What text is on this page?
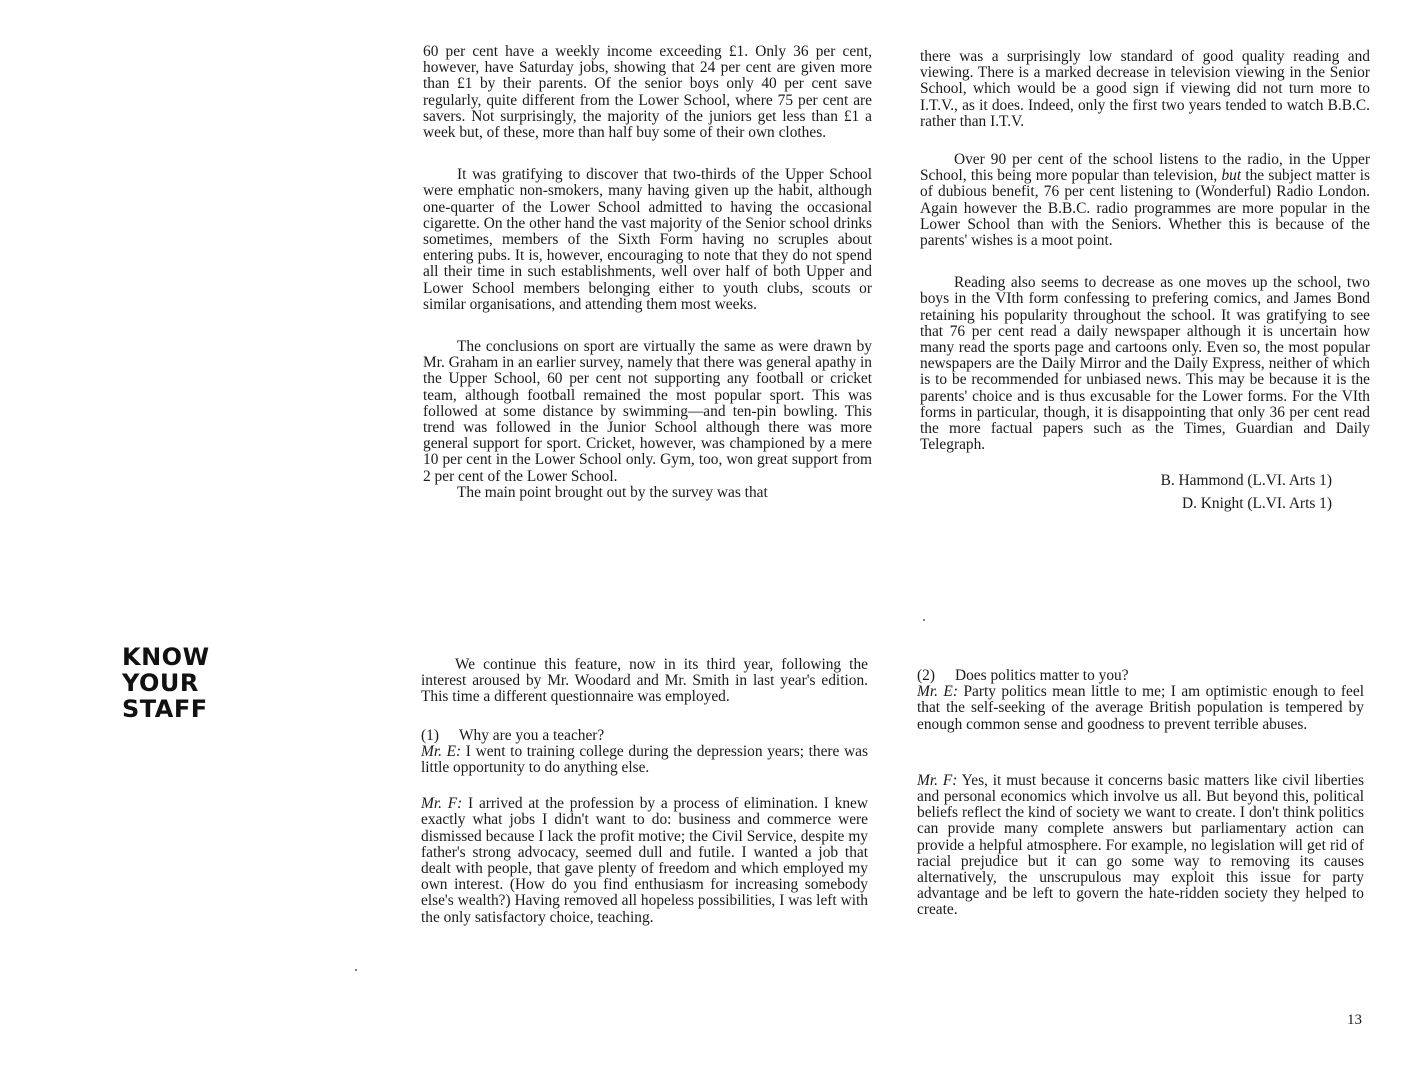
60 per cent have a weekly income exceeding £1. Only 36 per cent, however, have Saturday jobs, showing that 24 per cent are given more than £1 by their parents. Of the senior boys only 40 per cent save regularly, quite different from the Lower School, where 75 per cent are savers. Not surprisingly, the majority of the juniors get less than £1 a week but, of these, more than half buy some of their own clothes.

It was gratifying to discover that two-thirds of the Upper School were emphatic non-smokers, many having given up the habit, although one-quarter of the Lower School admitted to having the occasional cigarette. On the other hand the vast majority of the Senior school drinks sometimes, members of the Sixth Form having no scruples about entering pubs. It is, however, encouraging to note that they do not spend all their time in such establishments, well over half of both Upper and Lower School members belonging either to youth clubs, scouts or similar organisations, and attending them most weeks.

The conclusions on sport are virtually the same as were drawn by Mr. Graham in an earlier survey, namely that there was general apathy in the Upper School, 60 per cent not supporting any football or cricket team, although football remained the most popular sport. This was followed at some distance by swimming—and ten-pin bowling. This trend was followed in the Junior School although there was more general support for sport. Cricket, however, was championed by a mere 10 per cent in the Lower School only. Gym, too, won great support from 2 per cent of the Lower School.

The main point brought out by the survey was that

there was a surprisingly low standard of good quality reading and viewing. There is a marked decrease in television viewing in the Senior School, which would be a good sign if viewing did not turn more to I.T.V., as it does. Indeed, only the first two years tended to watch B.B.C. rather than I.T.V.

Over 90 per cent of the school listens to the radio, in the Upper School, this being more popular than television, but the subject matter is of dubious benefit, 76 per cent listening to (Wonderful) Radio London. Again however the B.B.C. radio programmes are more popular in the Lower School than with the Seniors. Whether this is because of the parents' wishes is a moot point.

Reading also seems to decrease as one moves up the school, two boys in the VIth form confessing to prefering comics, and James Bond retaining his popularity throughout the school. It was gratifying to see that 76 per cent read a daily newspaper although it is uncertain how many read the sports page and cartoons only. Even so, the most popular newspapers are the Daily Mirror and the Daily Express, neither of which is to be recommended for unbiased news. This may be because it is the parents' choice and is thus excusable for the Lower forms. For the VIth forms in particular, though, it is disappointing that only 36 per cent read the more factual papers such as the Times, Guardian and Daily Telegraph.

B. Hammond (L.VI. Arts 1)
D. Knight (L.VI. Arts 1)
KNOW
YOUR
STAFF

We continue this feature, now in its third year, following the interest aroused by Mr. Woodard and Mr. Smith in last year's edition. This time a different questionnaire was employed.

(1)	Why are you a teacher?

Mr. E: I went to training college during the depression years; there was little opportunity to do anything else.

Mr. F: I arrived at the profession by a process of elimination. I knew exactly what jobs I didn't want to do: business and commerce were dismissed because I lack the profit motive; the Civil Service, despite my father's strong advocacy, seemed dull and futile. I wanted a job that dealt with people, that gave plenty of freedom and which employed my own interest. (How do you find enthusiasm for increasing somebody else's wealth?) Having removed all hopeless possibilities, I was left with the only satisfactory choice, teaching.

(2)	Does politics matter to you?

Mr. E: Party politics mean little to me; I am optimistic enough to feel that the self-seeking of the average British population is tempered by enough common sense and goodness to prevent terrible abuses.

Mr. F: Yes, it must because it concerns basic matters like civil liberties and personal economics which involve us all. But beyond this, political beliefs reflect the kind of society we want to create. I don't think politics can provide many complete answers but parliamentary action can provide a helpful atmosphere. For example, no legislation will get rid of racial prejudice but it can go some way to removing its causes alternatively, the unscrupulous may exploit this issue for party advantage and be left to govern the hate-ridden society they helped to create.

13
